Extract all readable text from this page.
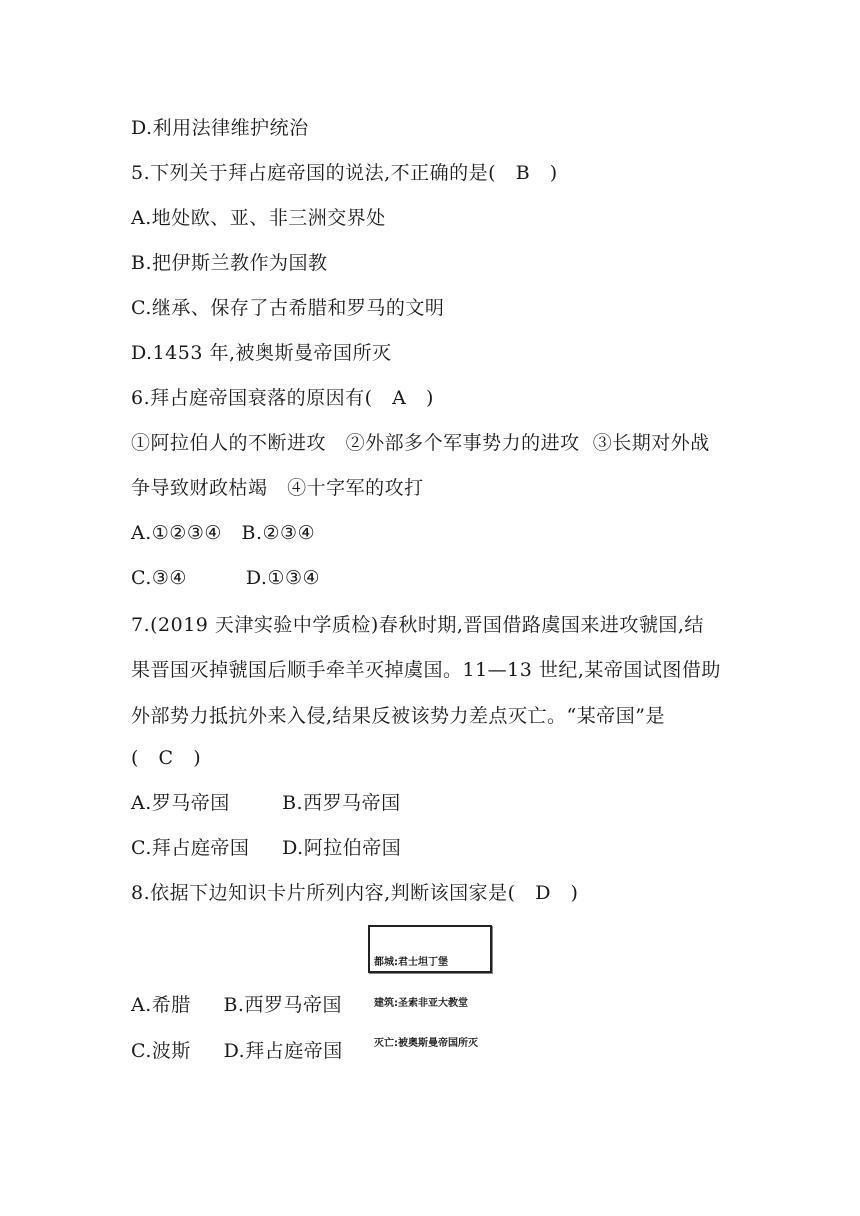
D.利用法律维护统治
5.下列关于拜占庭帝国的说法,不正确的是(   B   )
A.地处欧、亚、非三洲交界处
B.把伊斯兰教作为国教
C.继承、保存了古希腊和罗马的文明
D.1453 年,被奥斯曼帝国所灭
6.拜占庭帝国衰落的原因有(   A   )
①阿拉伯人的不断进攻   ②外部多个军事势力的进攻  ③长期对外战
争导致财政枯竭   ④十字军的攻打
A.①②③④   B.②③④
C.③④         D.①③④
7.(2019 天津实验中学质检)春秋时期,晋国借路虞国来进攻虢国,结
果晋国灭掉虢国后顺手牵羊灭掉虞国。11—13 世纪,某帝国试图借助
外部势力抵抗外来入侵,结果反被该势力差点灭亡。“某帝国”是
(   C   )
A.罗马帝国        B.西罗马帝国
C.拜占庭帝国     D.阿拉伯帝国
8.依据下边知识卡片所列内容,判断该国家是(   D   )

都城:君士坦丁堡

建筑:圣索非亚大教堂

灭亡:被奥斯曼帝国所灭

A.希腊     B.西罗马帝国
C.波斯     D.拜占庭帝国
